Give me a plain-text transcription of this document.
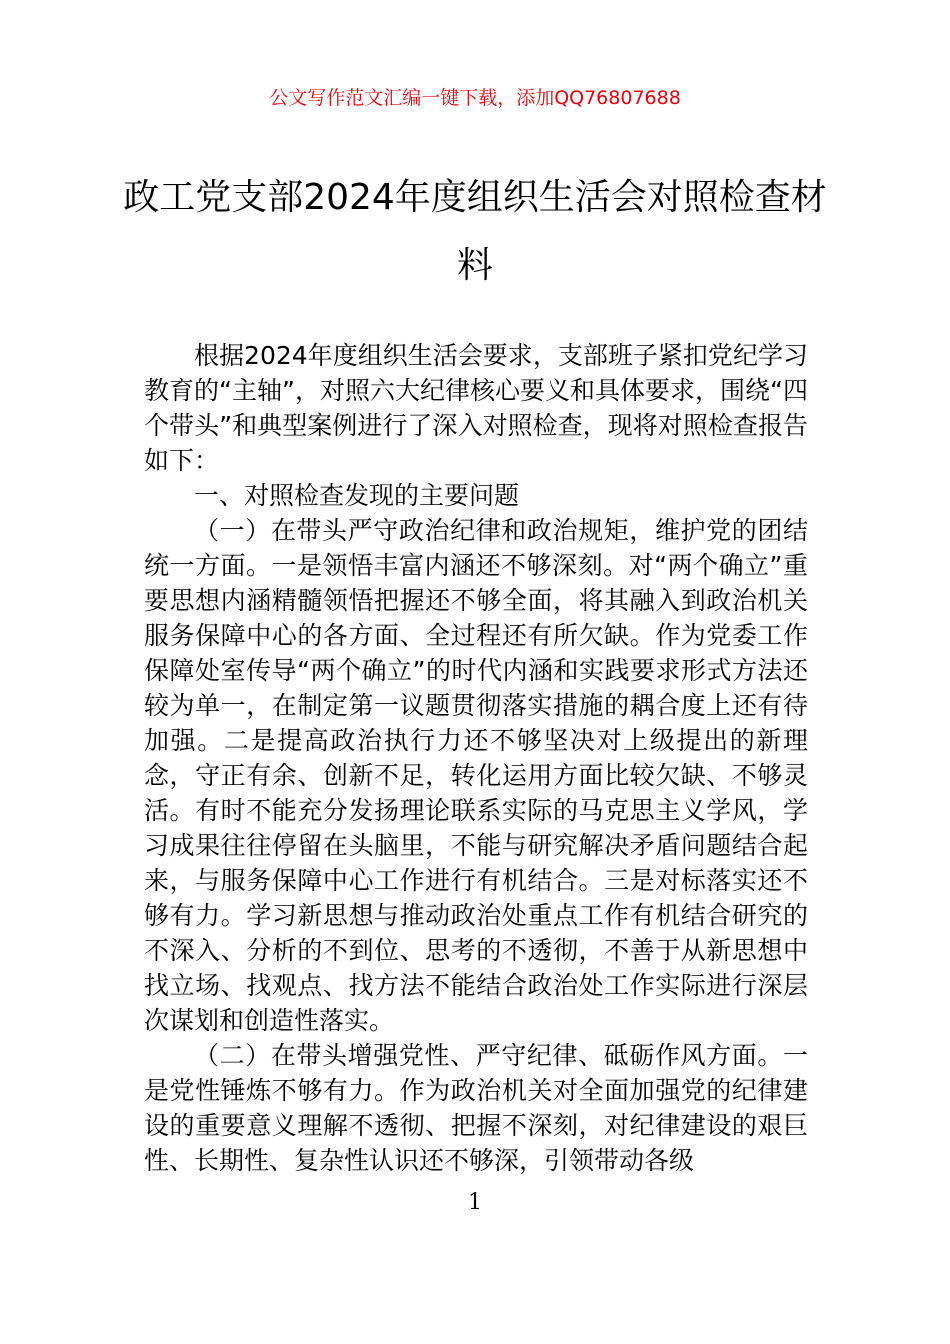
公文写作范文汇编一键下载，添加QQ76807688
政工党支部2024年度组织生活会对照检查材料

根据2024年度组织生活会要求，支部班子紧扣党纪学习教育的“主轴”，对照六大纪律核心要义和具体要求，围绕“四个带头”和典型案例进行了深入对照检查，现将对照检查报告如下：

一、对照检查发现的主要问题

（一）在带头严守政治纪律和政治规矩，维护党的团结统一方面。一是领悟丰富内涵还不够深刻。对“两个确立”重要思想内涵精髓领悟把握还不够全面，将其融入到政治机关服务保障中心的各方面、全过程还有所欠缺。作为党委工作保障处室传导“两个确立”的时代内涵和实践要求形式方法还较为单一，在制定第一议题贯彻落实措施的耦合度上还有待加强。二是提高政治执行力还不够坚决对上级提出的新理念，守正有余、创新不足，转化运用方面比较欠缺、不够灵活。有时不能充分发扬理论联系实际的马克思主义学风，学习成果往往停留在头脑里，不能与研究解决矛盾问题结合起来，与服务保障中心工作进行有机结合。三是对标落实还不够有力。学习新思想与推动政治处重点工作有机结合研究的不深入、分析的不到位、思考的不透彻，不善于从新思想中找立场、找观点、找方法不能结合政治处工作实际进行深层次谋划和创造性落实。

（二）在带头增强党性、严守纪律、砥砺作风方面。一是党性锤炼不够有力。作为政治机关对全面加强党的纪律建设的重要意义理解不透彻、把握不深刻，对纪律建设的艰巨性、长期性、复杂性认识还不够深，引领带动各级

1
